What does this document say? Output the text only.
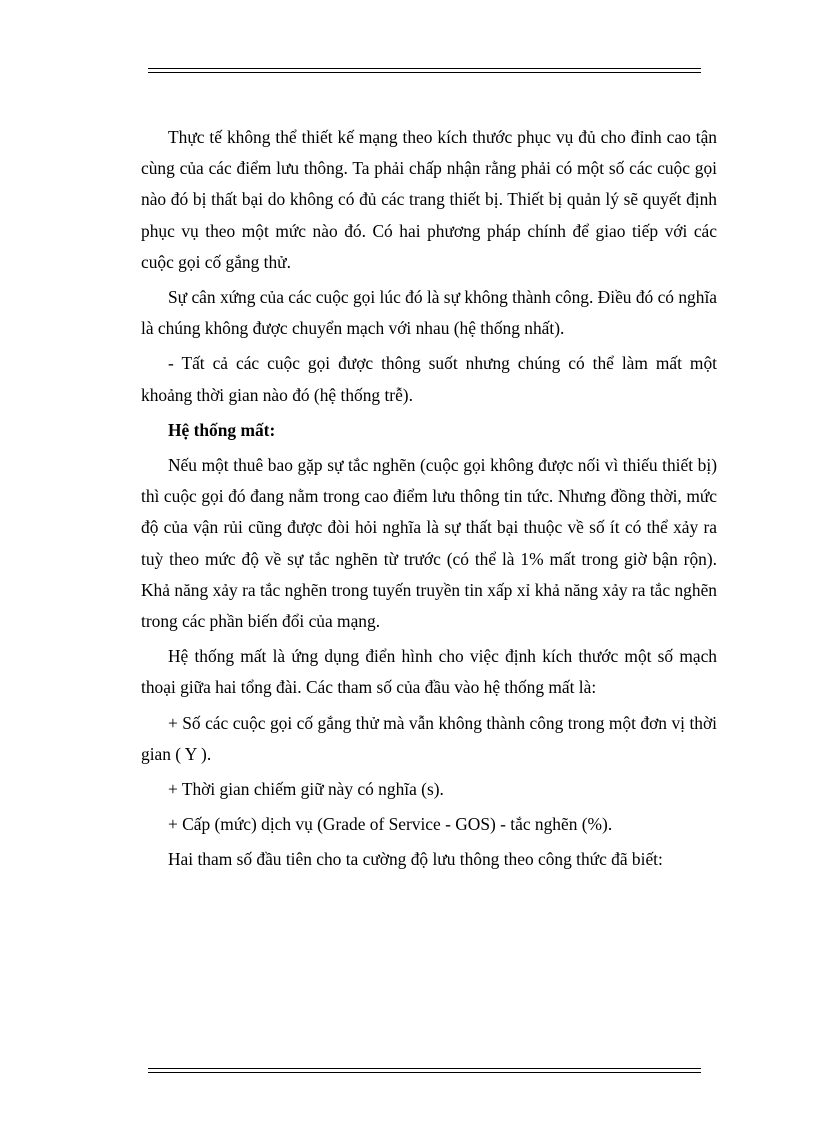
Thực tế không thể thiết kế mạng theo kích thước phục vụ đủ cho đỉnh cao tận cùng của các điểm lưu thông. Ta phải chấp nhận rằng phải có một số các cuộc gọi nào đó bị thất bại do không có đủ các trang thiết bị. Thiết bị quản lý sẽ quyết định phục vụ theo một mức nào đó. Có hai phương pháp chính để giao tiếp với các cuộc gọi cố gắng thử.

Sự cân xứng của các cuộc gọi lúc đó là sự không thành công. Điều đó có nghĩa là chúng không được chuyển mạch với nhau (hệ thống nhất).

- Tất cả các cuộc gọi được thông suốt nhưng chúng có thể làm mất một khoảng thời gian nào đó (hệ thống trễ).

Hệ thống mất:

Nếu một thuê bao gặp sự tắc nghẽn (cuộc gọi không được nối vì thiếu thiết bị) thì cuộc gọi đó đang nằm trong cao điểm lưu thông tin tức. Nhưng đồng thời, mức độ của vận rủi cũng được đòi hỏi nghĩa là sự thất bại thuộc về số ít có thể xảy ra tuỳ theo mức độ về sự tắc nghẽn từ trước (có thể là 1% mất trong giờ bận rộn). Khả năng xảy ra tắc nghẽn trong tuyến truyền tin xấp xỉ khả năng xảy ra tắc nghẽn trong các phần biến đổi của mạng.

Hệ thống mất là ứng dụng điển hình cho việc định kích thước một số mạch thoại giữa hai tổng đài. Các tham số của đầu vào hệ thống mất là:

+ Số các cuộc gọi cố gắng thử mà vẫn không thành công trong một đơn vị thời gian ( Y ).

+ Thời gian chiếm giữ này có nghĩa (s).

+ Cấp (mức) dịch vụ (Grade of Service - GOS) - tắc nghẽn (%).

Hai tham số đầu tiên cho ta cường độ lưu thông theo công thức đã biết:
